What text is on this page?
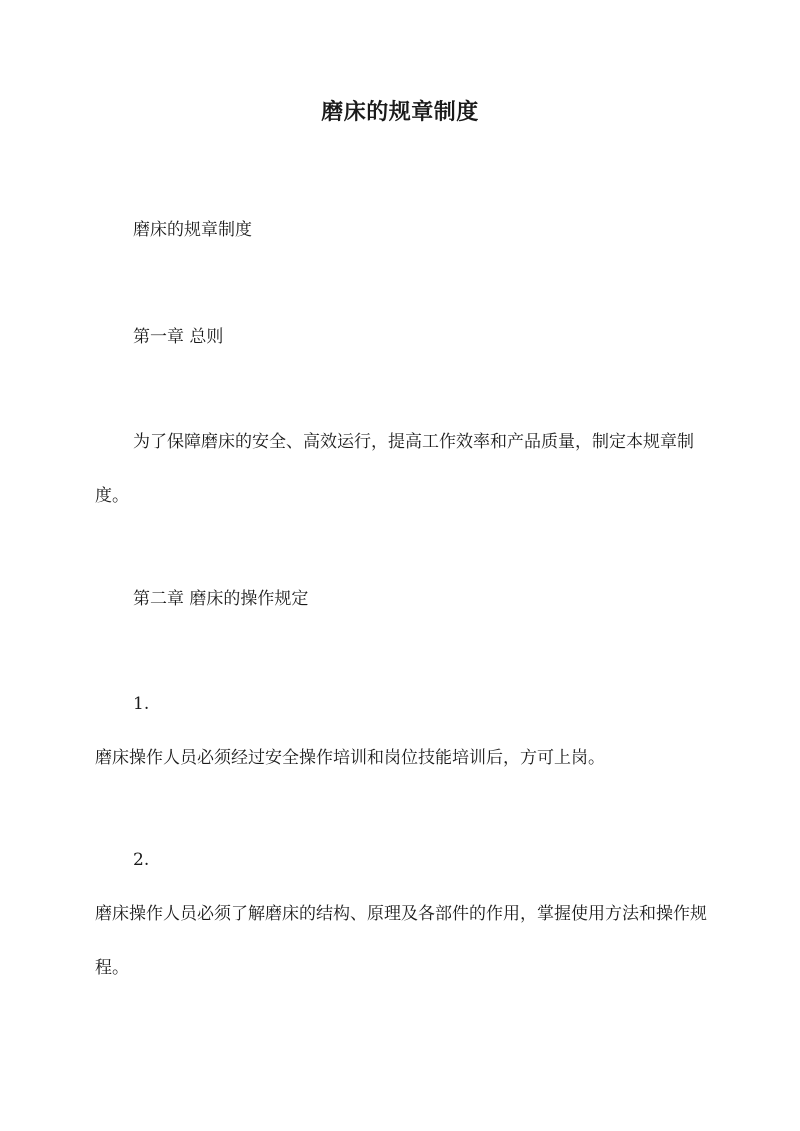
磨床的规章制度

磨床的规章制度

第一章 总则

为了保障磨床的安全、高效运行，提高工作效率和产品质量，制定本规章制度。

第二章 磨床的操作规定

1.
磨床操作人员必须经过安全操作培训和岗位技能培训后，方可上岗。
2.
磨床操作人员必须了解磨床的结构、原理及各部件的作用，掌握使用方法和操作规程。
